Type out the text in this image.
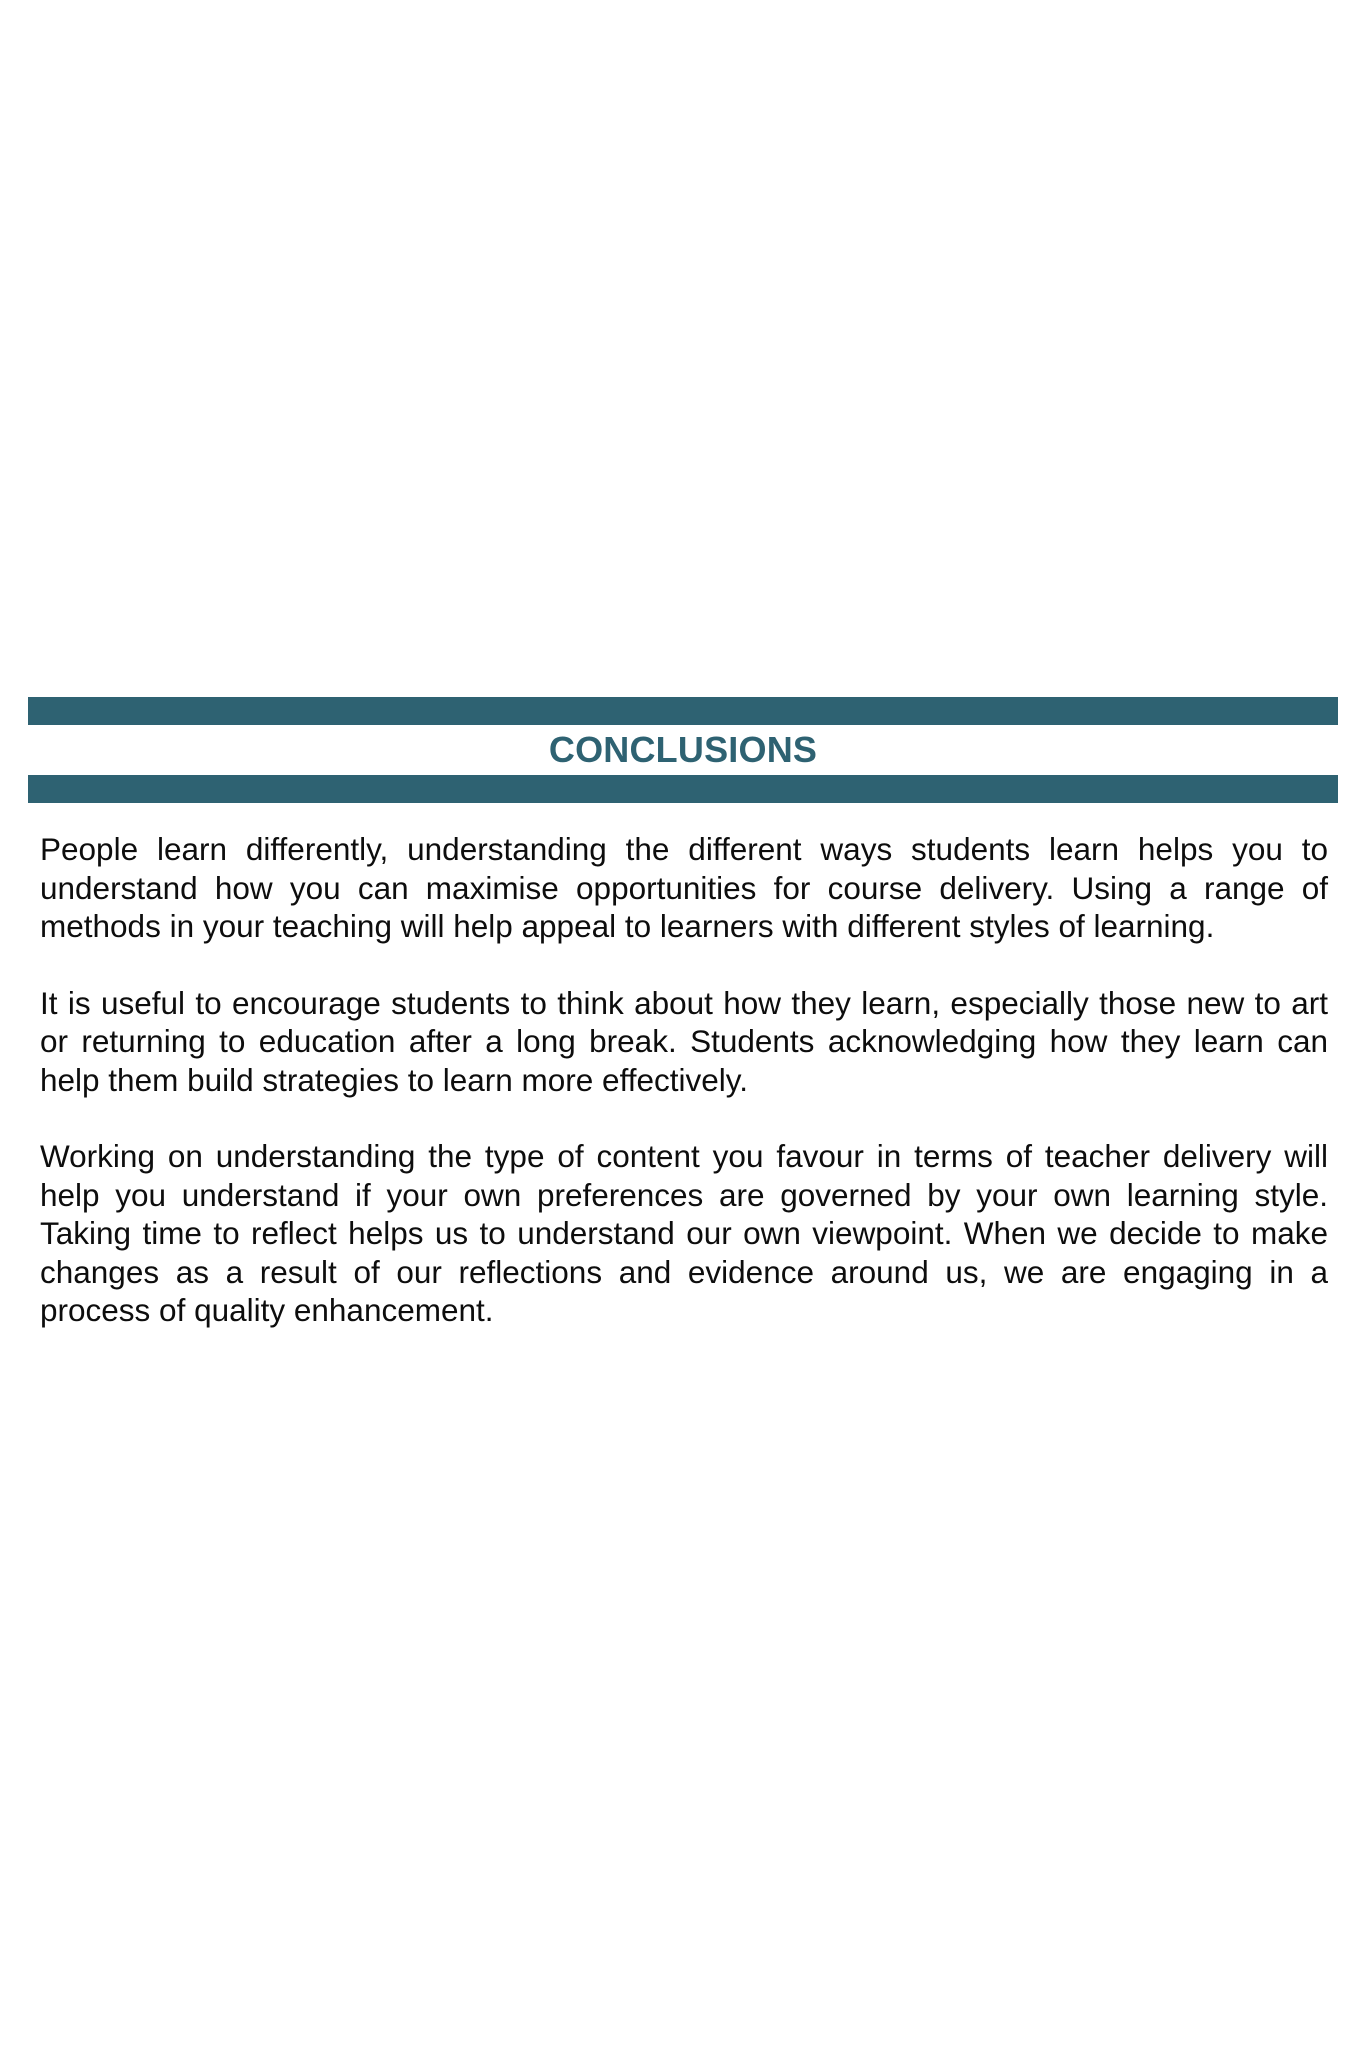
CONCLUSIONS

People learn differently, understanding the different ways students learn helps you to understand how you can maximise opportunities for course delivery. Using a range of methods in your teaching will help appeal to learners with different styles of learning.

It is useful to encourage students to think about how they learn, especially those new to art or returning to education after a long break. Students acknowledging how they learn can help them build strategies to learn more effectively.

Working on understanding the type of content you favour in terms of teacher delivery will help you understand if your own preferences are governed by your own learning style. Taking time to reflect helps us to understand our own viewpoint. When we decide to make changes as a result of our reflections and evidence around us, we are engaging in a process of quality enhancement.
